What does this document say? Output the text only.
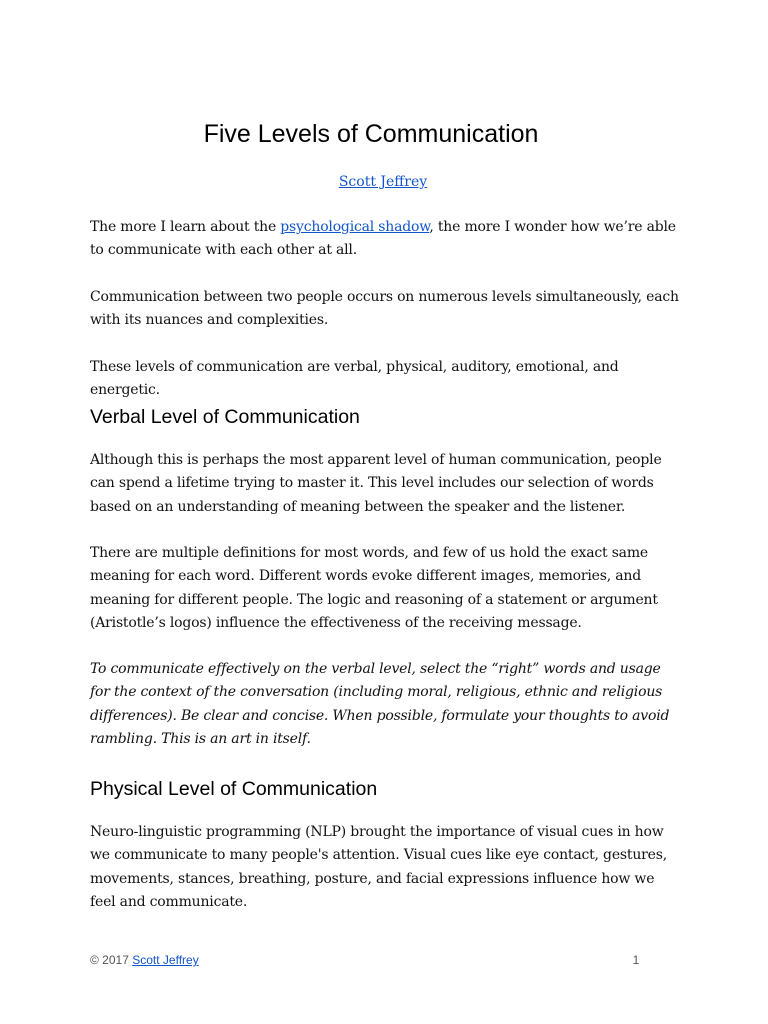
Five Levels of Communication
Scott Jeffrey

The more I learn about the psychological shadow, the more I wonder how we’re able to communicate with each other at all.

Communication between two people occurs on numerous levels simultaneously, each with its nuances and complexities.

These levels of communication are verbal, physical, auditory, emotional, and energetic.

Verbal Level of Communication

Although this is perhaps the most apparent level of human communication, people can spend a lifetime trying to master it. This level includes our selection of words based on an understanding of meaning between the speaker and the listener.

There are multiple definitions for most words, and few of us hold the exact same meaning for each word. Different words evoke different images, memories, and meaning for different people. The logic and reasoning of a statement or argument (Aristotle’s logos) influence the effectiveness of the receiving message.

To communicate effectively on the verbal level, select the “right” words and usage for the context of the conversation (including moral, religious, ethnic and religious differences). Be clear and concise. When possible, formulate your thoughts to avoid rambling. This is an art in itself.

Physical Level of Communication

Neuro-linguistic programming (NLP) brought the importance of visual cues in how we communicate to many people's attention. Visual cues like eye contact, gestures, movements, stances, breathing, posture, and facial expressions influence how we feel and communicate.

© 2017 Scott Jeffrey	1
